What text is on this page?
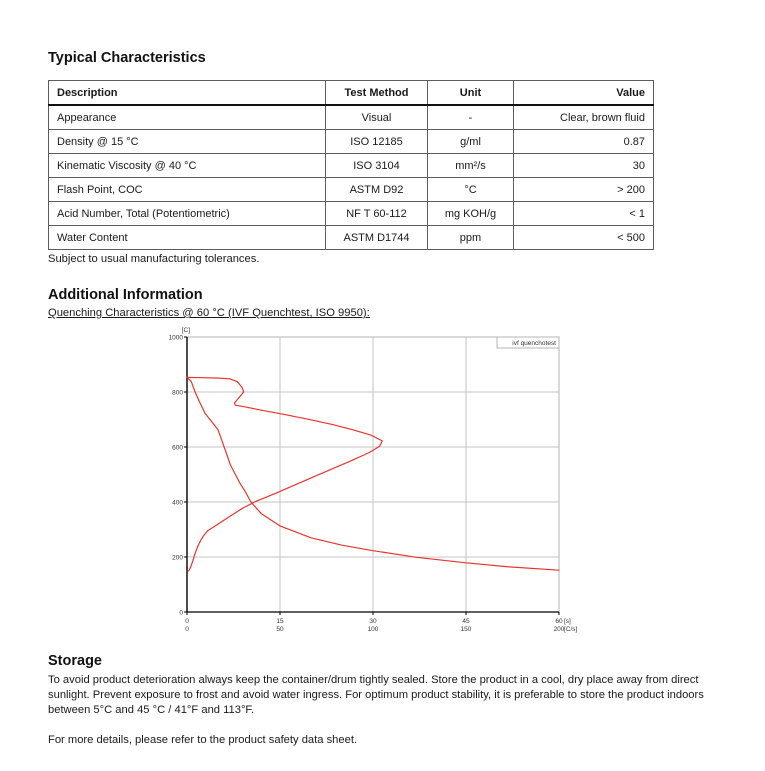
Typical Characteristics
Description	Test Method	Unit	Value
Appearance	Visual	-	Clear, brown fluid
Density @ 15 °C	ISO 12185	g/ml	0.87
Kinematic Viscosity @ 40 °C	ISO 3104	mm²/s	30
Flash Point, COC	ASTM D92	°C	> 200
Acid Number, Total (Potentiometric)	NF T 60-112	mg KOH/g	< 1
Water Content	ASTM D1744	ppm	< 500
Subject to usual manufacturing tolerances.
Additional Information
Quenching Characteristics @ 60 °C (IVF Quenchtest, ISO 9950):
0
200
400
600
800
1000
[C]
0	15	30	45	60 [s]
0	50	100	150	200 [C/s]
ivf quenchotest
Storage
To avoid product deterioration always keep the container/drum tightly sealed. Store the product in a cool, dry place away from direct sunlight. Prevent exposure to frost and avoid water ingress. For optimum product stability, it is preferable to store the product indoors between 5°C and 45 °C / 41°F and 113°F.
For more details, please refer to the product safety data sheet.
